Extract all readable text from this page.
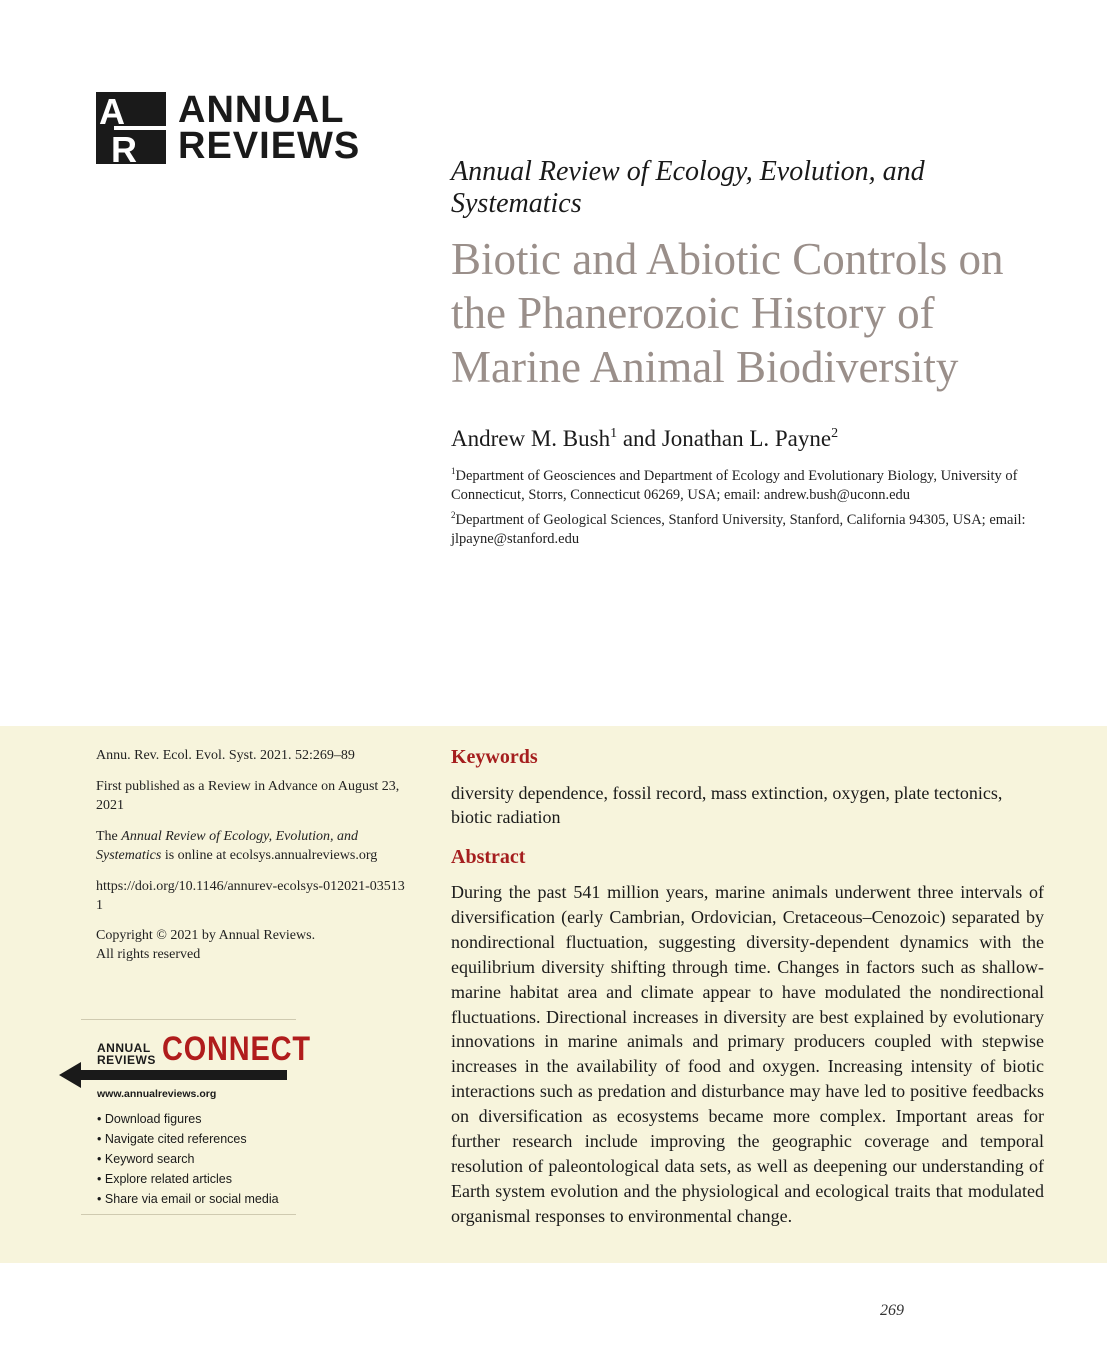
A
R
ANNUAL
REVIEWS
Annual Review of Ecology, Evolution, and Systematics
Biotic and Abiotic Controls on the Phanerozoic History of Marine Animal Biodiversity
Andrew M. Bush$^1$ and Jonathan L. Payne$^2$
$^1$Department of Geosciences and Department of Ecology and Evolutionary Biology, University of Connecticut, Storrs, Connecticut 06269, USA; email: andrew.bush@uconn.edu
$^2$Department of Geological Sciences, Stanford University, Stanford, California 94305, USA; email: jlpayne@stanford.edu
Annu. Rev. Ecol. Evol. Syst. 2021. 52:269–89
First published as a Review in Advance on August 23, 2021
The Annual Review of Ecology, Evolution, and Systematics is online at ecolsys.annualreviews.org
https://doi.org/10.1146/annurev-ecolsys-012021-035131
Copyright © 2021 by Annual Reviews.
All rights reserved
ANNUAL
REVIEWS CONNECT
www.annualreviews.org
• Download figures
• Navigate cited references
• Keyword search
• Explore related articles
• Share via email or social media
Keywords
diversity dependence, fossil record, mass extinction, oxygen, plate tectonics, biotic radiation
Abstract
During the past 541 million years, marine animals underwent three intervals of diversification (early Cambrian, Ordovician, Cretaceous–Cenozoic) separated by nondirectional fluctuation, suggesting diversity-dependent dynamics with the equilibrium diversity shifting through time. Changes in factors such as shallow-marine habitat area and climate appear to have modulated the nondirectional fluctuations. Directional increases in diversity are best explained by evolutionary innovations in marine animals and primary producers coupled with stepwise increases in the availability of food and oxygen. Increasing intensity of biotic interactions such as predation and disturbance may have led to positive feedbacks on diversification as ecosystems became more complex. Important areas for further research include improving the geographic coverage and temporal resolution of paleontological data sets, as well as deepening our understanding of Earth system evolution and the physiological and ecological traits that modulated organismal responses to environmental change.
269
